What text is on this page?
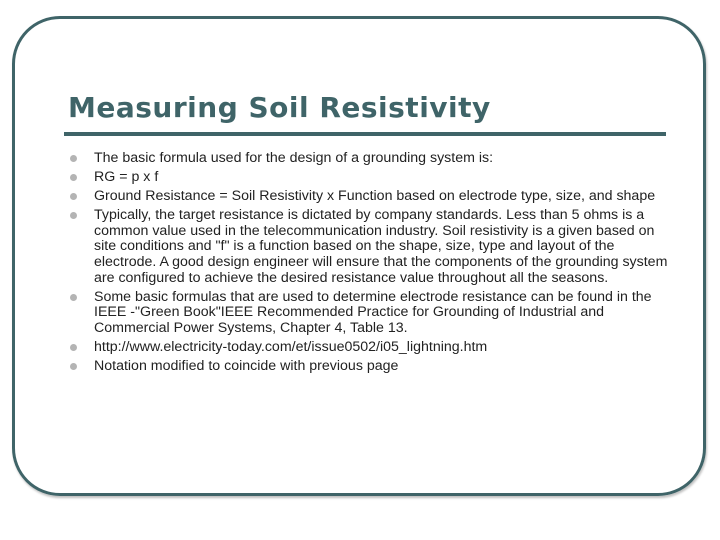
Measuring Soil Resistivity
The basic formula used for the design of a grounding system is:
RG = p x f
Ground Resistance = Soil Resistivity x Function based on electrode type, size, and shape
Typically, the target resistance is dictated by company standards. Less than 5 ohms is a common value used in the telecommunication industry. Soil resistivity is a given based on site conditions and "f" is a function based on the shape, size, type and layout of the electrode. A good design engineer will ensure that the components of the grounding system are configured to achieve the desired resistance value throughout all the seasons.
Some basic formulas that are used to determine electrode resistance can be found in the IEEE -"Green Book"IEEE Recommended Practice for Grounding of Industrial and Commercial Power Systems, Chapter 4, Table 13.
http://www.electricity-today.com/et/issue0502/i05_lightning.htm
Notation modified to coincide with previous page
